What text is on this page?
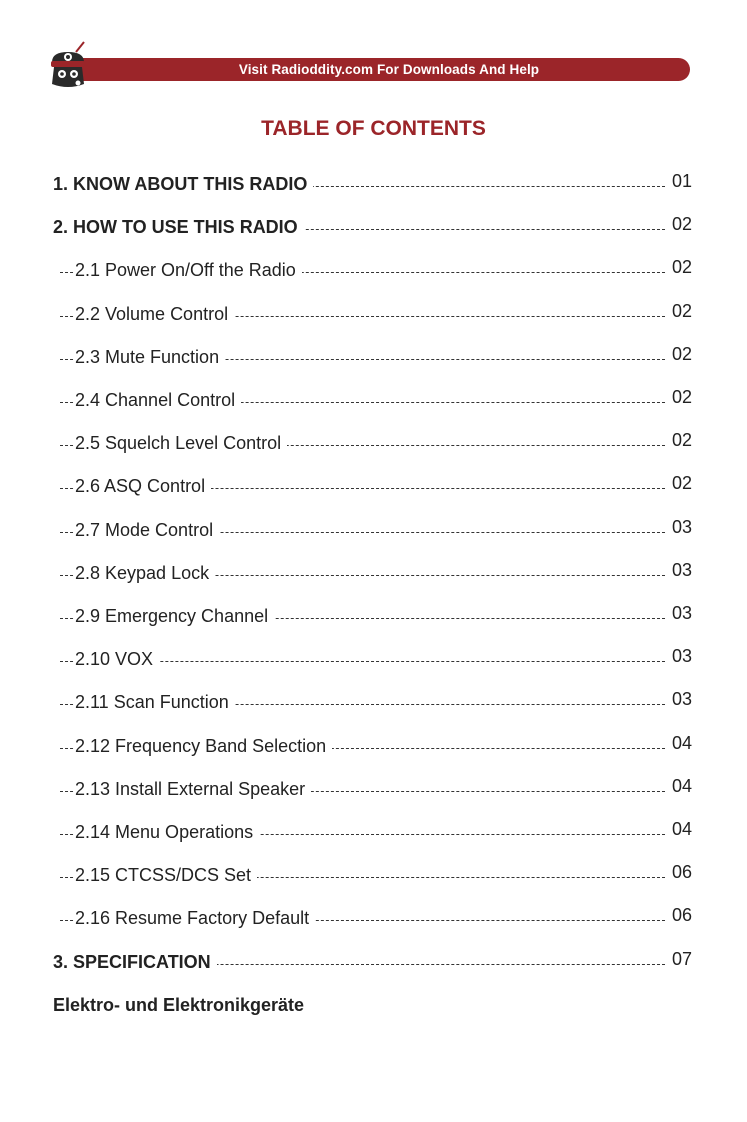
Visit Radioddity.com For Downloads And Help
TABLE OF CONTENTS
1. KNOW ABOUT THIS RADIO	01
2. HOW TO USE THIS RADIO	02
2.1 Power On/Off the Radio	02
2.2 Volume Control	02
2.3 Mute Function	02
2.4 Channel Control	02
2.5 Squelch Level Control	02
2.6 ASQ Control	02
2.7 Mode Control	03
2.8 Keypad Lock	03
2.9 Emergency Channel	03
2.10 VOX	03
2.11 Scan Function	03
2.12 Frequency Band Selection	04
2.13 Install External Speaker	04
2.14 Menu Operations	04
2.15 CTCSS/DCS Set	06
2.16 Resume Factory Default	06
3. SPECIFICATION	07
Elektro- und Elektronikgeräte
